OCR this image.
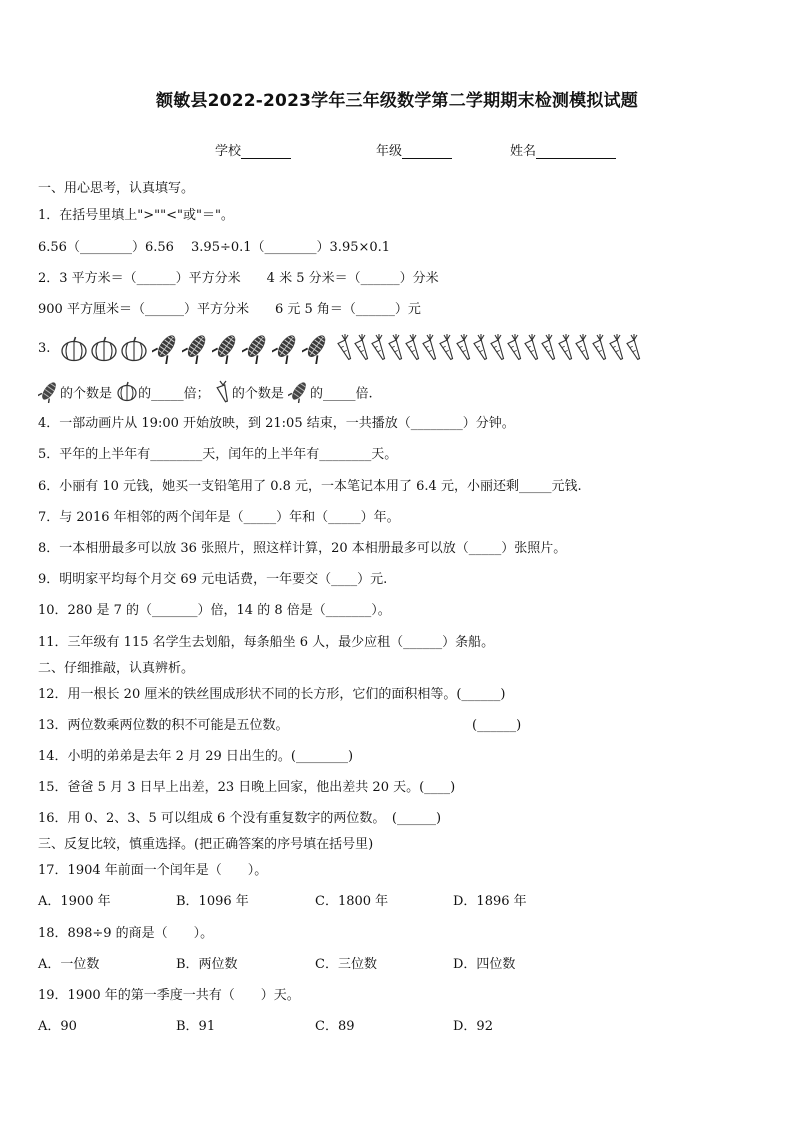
额敏县2022-2023学年三年级数学第二学期期末检测模拟试题
学校	年级	姓名
一、用心思考，认真填写。
1．在括号里填上">""<"或"＝"。
6.56（________）6.56　 3.95÷0.1（________）3.95×0.1
2．3 平方米＝（______）平方分米　　4 米 5 分米＝（______）分米
900 平方厘米＝（______）平方分米　　6 元 5 角＝（______）元
3.
的个数是 的_____倍； 的个数是 的_____倍.
4．一部动画片从 19:00 开始放映，到 21:05 结束，一共播放（________）分钟。
5．平年的上半年有________天，闰年的上半年有________天。
6．小丽有 10 元钱，她买一支铅笔用了 0.8 元，一本笔记本用了 6.4 元，小丽还剩_____元钱.
7．与 2016 年相邻的两个闰年是（_____）年和（_____）年。
8．一本相册最多可以放 36 张照片，照这样计算，20 本相册最多可以放（_____）张照片。
9．明明家平均每个月交 69 元电话费，一年要交（____）元.
10．280 是 7 的（_______）倍，14 的 8 倍是（_______）。
11．三年级有 115 名学生去划船，每条船坐 6 人，最少应租（______）条船。
二、仔细推敲，认真辨析。
12．用一根长 20 厘米的铁丝围成形状不同的长方形，它们的面积相等。(______)
13．两位数乘两位数的积不可能是五位数。	(______)
14．小明的弟弟是去年 2 月 29 日出生的。(________)
15．爸爸 5 月 3 日早上出差，23 日晚上回家，他出差共 20 天。(____)
16．用 0、2、3、5 可以组成 6 个没有重复数字的两位数。　(______)
三、反复比较，慎重选择。(把正确答案的序号填在括号里)
17．1904 年前面一个闰年是（　　）。
A．1900 年	B．1096 年	C．1800 年	D．1896 年
18．898÷9 的商是（　　）。
A．一位数	B．两位数	C．三位数	D．四位数
19．1900 年的第一季度一共有（　　）天。
A．90	B．91	C．89	D．92
